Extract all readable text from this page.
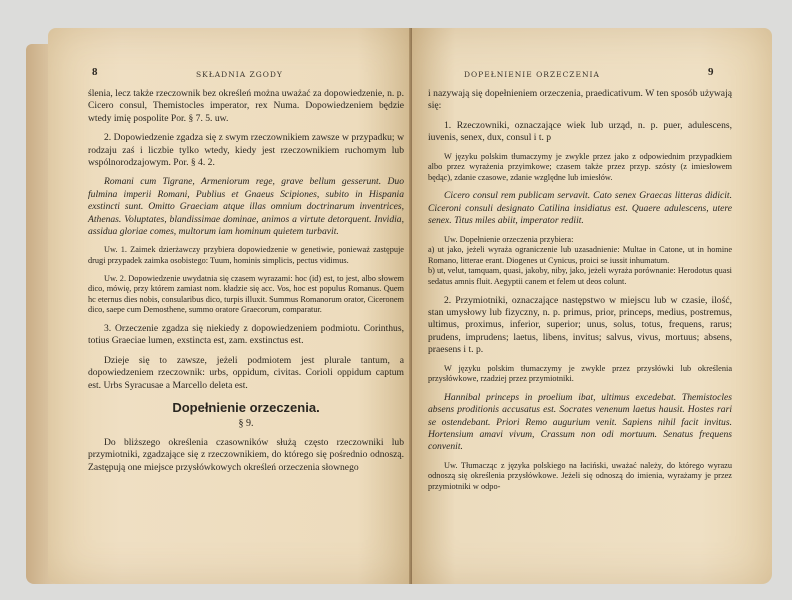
8	SKŁADNIA ZGODY

ślenia, lecz także rzeczownik bez określeń można uważać za dopowiedzenie, n. p. Cicero consul, Themistocles imperator, rex Numa. Dopowiedzeniem będzie wtedy imię pospolite Por. § 7. 5. uw.

2. Dopowiedzenie zgadza się z swym rzeczownikiem zawsze w przypadku; w rodzaju zaś i liczbie tylko wtedy, kiedy jest rzeczownikiem ruchomym lub wspólnorodzajowym. Por. § 4. 2.

Romani cum Tigrane, Armeniorum rege, grave bellum gesserunt. Duo fulmina imperii Romani, Publius et Gnaeus Scipiones, subito in Hispania exstincti sunt. Omitto Graeciam atque illas omnium doctrinarum inventrices, Athenas. Voluptates, blandissimae dominae, animos a virtute detorquent. Invidia, assidua gloriae comes, multorum iam hominum quietem turbavit.

Uw. 1. Zaimek dzierżawczy przybiera dopowiedzenie w genetiwie, ponieważ zastępuje drugi przypadek zaimka osobistego: Tuum, hominis simplicis, pectus vidimus.

Uw. 2. Dopowiedzenie uwydatnia się czasem wyrazami: hoc (id) est, to jest, albo słowem dico, mówię, przy którem zamiast nom. kładzie się acc. Vos, hoc est populus Romanus. Quem hc eternus dies nobis, consularibus dico, turpis illuxit. Summus Romanorum orator, Ciceronem dico, saepe cum Demosthene, summo oratore Graecorum, comparatur.

3. Orzeczenie zgadza się niekiedy z dopowiedzeniem podmiotu. Corinthus, totius Graeciae lumen, exstincta est, zam. exstinctus est.

Dzieje się to zawsze, jeżeli podmiotem jest plurale tantum, a dopowiedzeniem rzeczownik: urbs, oppidum, civitas. Corioli oppidum captum est. Urbs Syracusae a Marcello deleta est.

Dopełnienie orzeczenia.
§ 9.

Do bliższego określenia czasowników służą często rzeczowniki lub przymiotniki, zgadzające się z rzeczownikiem, do którego się pośrednio odnoszą. Zastępują one miejsce przysłówkowych określeń orzeczenia słownego

DOPEŁNIENIE ORZECZENIA	9

i nazywają się dopełnieniem orzeczenia, praedicativum. W ten sposób używają się:

1. Rzeczowniki, oznaczające wiek lub urząd, n. p. puer, adulescens, iuvenis, senex, dux, consul i t. p

W języku polskim tłumaczymy je zwykle przez jako z odpowiednim przypadkiem albo przez wyrażenia przyimkowe; czasem także przez przyp. szósty (z imiesłowem będąc), zdanie czasowe, zdanie względne lub imiesłów.

Cicero consul rem publicam servavit. Cato senex Graecas litteras didicit. Ciceroni consuli designato Catilina insidiatus est. Quaere adulescens, utere senex. Titus miles abiit, imperator rediit.

Uw. Dopełnienie orzeczenia przybiera:

a) ut jako, jeżeli wyraża ograniczenie lub uzasadnienie: Multae in Catone, ut in homine Romano, litterae erant. Diogenes ut Cynicus, proici se iussit inhumatum.

b) ut, velut, tamquam, quasi, jakoby, niby, jako, jeżeli wyraża porównanie: Herodotus quasi sedatus amnis fluit. Aegyptii canem et felem ut deos colunt.

2. Przymiotniki, oznaczające następstwo w miejscu lub w czasie, ilość, stan umysłowy lub fizyczny, n. p. primus, prior, princeps, medius, postremus, ultimus, proximus, inferior, superior; unus, solus, totus, frequens, rarus; prudens, imprudens; laetus, libens, invitus; salvus, vivus, mortuus; absens, praesens i t. p.

W języku polskim tłumaczymy je zwykle przez przysłówki lub określenia przysłówkowe, rzadziej przez przymiotniki.

Hannibal princeps in proelium ibat, ultimus excedebat. Themistocles absens proditionis accusatus est. Socrates venenum laetus hausit. Hostes rari se ostendebant. Priori Remo augurium venit. Sapiens nihil facit invitus. Hortensium amavi vivum, Crassum non odi mortuum. Senatus frequens convenit.

Uw. Tłumacząc z języka polskiego na łaciński, uważać należy, do którego wyrazu odnoszą się określenia przysłówkowe. Jeżeli się odnoszą do imienia, wyrażamy je przez przymiotniki w odpo-
